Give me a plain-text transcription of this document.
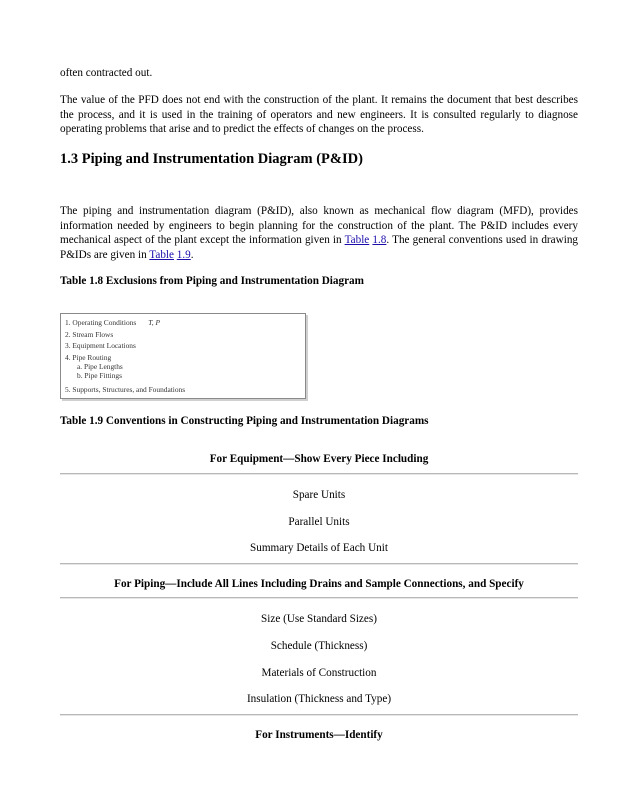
often contracted out.

The value of the PFD does not end with the construction of the plant. It remains the document that best describes the process, and it is used in the training of operators and new engineers. It is consulted regularly to diagnose operating problems that arise and to predict the effects of changes on the process.

1.3 Piping and Instrumentation Diagram (P&ID)

The piping and instrumentation diagram (P&ID), also known as mechanical flow diagram (MFD), provides information needed by engineers to begin planning for the construction of the plant. The P&ID includes every mechanical aspect of the plant except the information given in Table 1.8. The general conventions used in drawing P&IDs are given in Table 1.9.

Table 1.8 Exclusions from Piping and Instrumentation Diagram

1. Operating Conditions T, P
2. Stream Flows
3. Equipment Locations
4. Pipe Routing
a. Pipe Lengths
b. Pipe Fittings
5. Supports, Structures, and Foundations

Table 1.9 Conventions in Constructing Piping and Instrumentation Diagrams

For Equipment—Show Every Piece Including
Spare Units
Parallel Units
Summary Details of Each Unit
For Piping—Include All Lines Including Drains and Sample Connections, and Specify
Size (Use Standard Sizes)
Schedule (Thickness)
Materials of Construction
Insulation (Thickness and Type)
For Instruments—Identify
